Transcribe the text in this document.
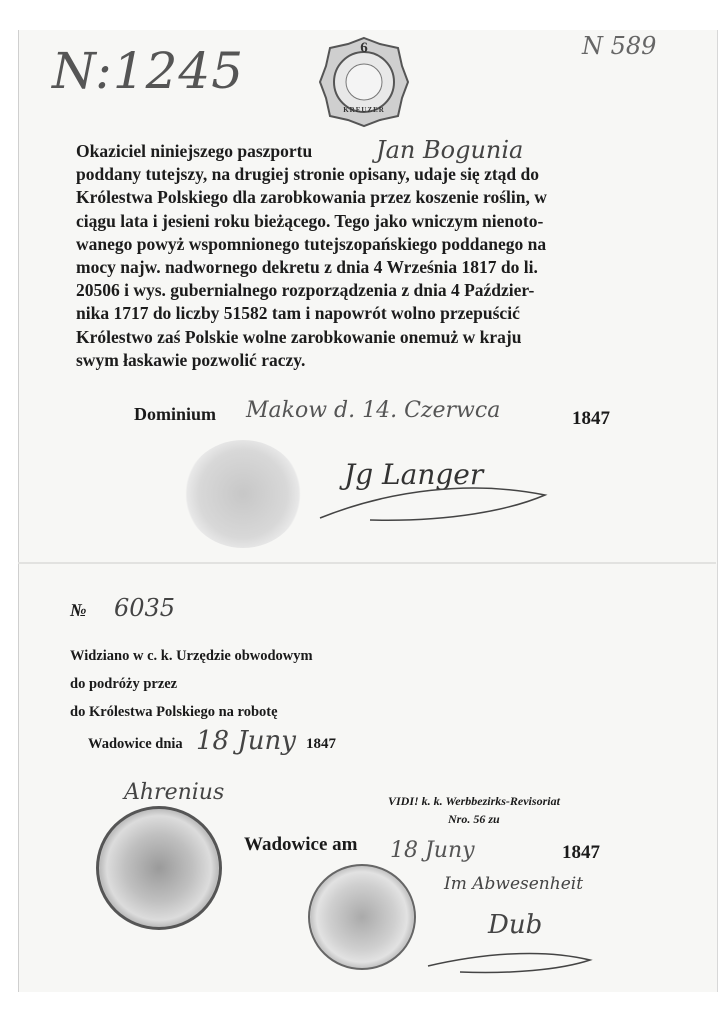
N:1245	N 589
6
KREUZER

Okaziciel niniejszego paszportu

poddany tutejszy, na drugiej stronie opisany, udaje się ztąd do

Królestwa Polskiego dla zarobkowania przez koszenie roślin, w

ciągu lata i jesieni roku bieżącego. Tego jako wniczym nienoto-

wanego powyż wspomnionego tutejszopańskiego poddanego na

mocy najw. nadwornego dekretu z dnia 4 Września 1817 do li.

20506 i wys. gubernialnego rozporządzenia z dnia 4 Paździer-

nika 1717 do liczby 51582 tam i napowrót wolno przepuścić

Królestwo zaś Polskie wolne zarobkowanie onemuż w kraju

swym łaskawie pozwolić raczy.

Jan Bogunia
Dominium Makow d. 14. Czerwca	1847
Jg Langer
№ 6035
Widziano w c. k. Urzędzie obwodowym
do podróży przez
do Królestwa Polskiego na robotę
Wadowice dnia 18 Juny 1847
Ahrenius	VIDI! k. k. Werbbezirks-Revisoriat
Nro. 56 zu
Wadowice am 18 Juny	1847
Im Abwesenheit
Dub
